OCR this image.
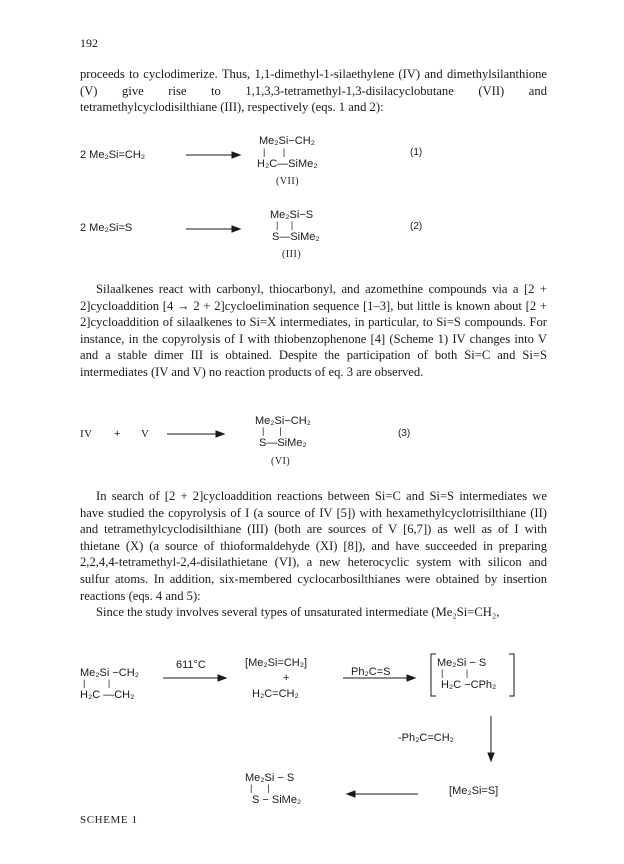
192

proceeds to cyclodimerize. Thus, 1,1-dimethyl-1-silaethylene (IV) and dimethylsilanthione (V) give rise to 1,1,3,3-tetramethyl-1,3-disilacyclobutane (VII) and tetramethylcyclodisilthiane (III), respectively (eqs. 1 and 2):

2 Me₂Si=CH₂
Me₂Si−CH₂
|       |
H₂C—SiMe₂
(VII)
(1)
2 Me₂Si=S
Me₂Si−S
|     |
S—SiMe₂
(III)
(2)

Silaalkenes react with carbonyl, thiocarbonyl, and azomethine compounds via a [2 + 2]cycloaddition [4 → 2 + 2]cycloelimination sequence [1–3], but little is known about [2 + 2]cycloaddition of silaalkenes to Si=X intermediates, in particular, to Si=S compounds. For instance, in the copyrolysis of I with thiobenzophenone [4] (Scheme 1) IV changes into V and a stable dimer III is obtained. Despite the participation of both Si=C and Si=S intermediates (IV and V) no reaction products of eq. 3 are observed.

IV + V
Me₂Si−CH₂
|      |
S—SiMe₂
(VI)
(3)

In search of [2 + 2]cycloaddition reactions between Si=C and Si=S intermediates we have studied the copyrolysis of I (a source of IV [5]) with hexamethylcyclotrisilthiane (II) and tetramethylcyclodisilthiane (III) (both are sources of V [6,7]) as well as of I with thietane (X) (a source of thioformaldehyde (XI) [8]), and have succeeded in preparing 2,2,4,4-tetramethyl-2,4-disilathietane (VI), a new heterocyclic system with silicon and sulfur atoms. In addition, six-membered cyclocarbosilthianes were obtained by insertion reactions (eqs. 4 and 5):

Since the study involves several types of unsaturated intermediate (Me₂Si=CH₂,

Me₂Si −CH₂
|         |
H₂C —CH₂
611°C	[Me₂Si=CH₂]
+
H₂C=CH₂
Ph₂C=S
Me₂Si − S
|         |
H₂C −CPh₂
-Ph₂C=CH₂
[Me₂Si=S]
Me₂Si − S
|      |
S − SiMe₂
SCHEME 1
